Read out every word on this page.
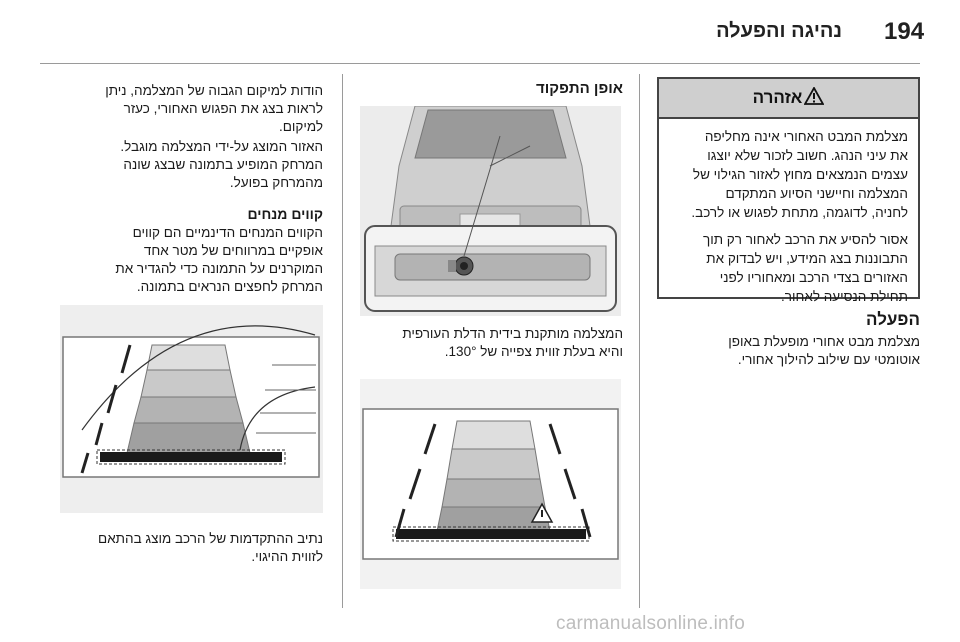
194
נהיגה והפעלה
אזהרה

מצלמת המבט האחורי אינה מחליפה
את עיני הנהג. חשוב לזכור שלא יוצגו
עצמים הנמצאים מחוץ לאזור הגילוי של
המצלמה וחיישני הסיוע המתקדם
לחניה, לדוגמה, מתחת לפגוש או לרכב.

אסור להסיע את הרכב לאחור רק תוך
התבוננות בצג המידע, ויש לבדוק את
האזורים בצדי הרכב ומאחוריו לפני
תחילת הנסיעה לאחור.

הפעלה
מצלמת מבט אחורי מופעלת באופן
אוטומטי עם שילוב להילוך אחורי.
אופן התפקוד
המצלמה מותקנת בידית הדלת העורפית
והיא בעלת זווית צפייה של 130°.
הודות למיקום הגבוה של המצלמה, ניתן
לראות בצג את הפגוש האחורי, כעזר
למיקום.
האזור המוצג על-ידי המצלמה מוגבל.
המרחק המופיע בתמונה שבצג שונה
מהמרחק בפועל.
קווים מנחים
הקווים המנחים הדינמיים הם קווים
אופקיים במרווחים של מטר אחד
המוקרנים על התמונה כדי להגדיר את
המרחק לחפצים הנראים בתמונה.
נתיב ההתקדמות של הרכב מוצג בהתאם
לזווית ההיגוי.
carmanualsonline.info
